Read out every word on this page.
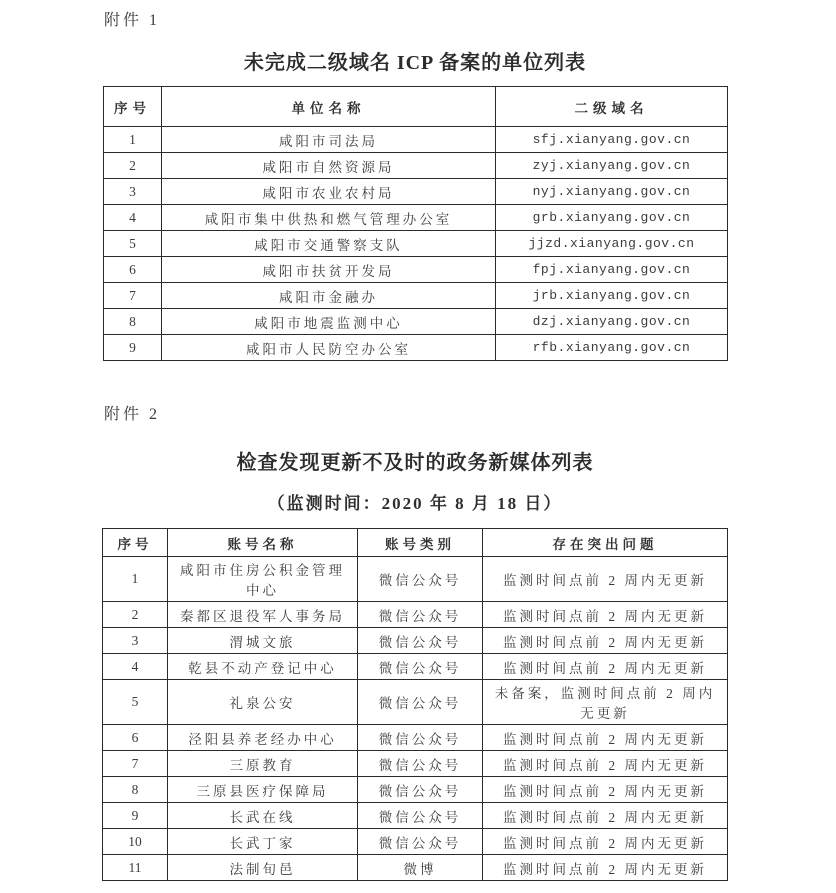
附件 1
未完成二级域名 ICP 备案的单位列表
序号	单位名称	二级域名
1	咸阳市司法局	sfj.xianyang.gov.cn
2	咸阳市自然资源局	zyj.xianyang.gov.cn
3	咸阳市农业农村局	nyj.xianyang.gov.cn
4	咸阳市集中供热和燃气管理办公室	grb.xianyang.gov.cn
5	咸阳市交通警察支队	jjzd.xianyang.gov.cn
6	咸阳市扶贫开发局	fpj.xianyang.gov.cn
7	咸阳市金融办	jrb.xianyang.gov.cn
8	咸阳市地震监测中心	dzj.xianyang.gov.cn
9	咸阳市人民防空办公室	rfb.xianyang.gov.cn
附件 2
检查发现更新不及时的政务新媒体列表
（监测时间：2020 年 8 月 18 日）
序号	账号名称	账号类别	存在突出问题
1	咸阳市住房公积金管理中心	微信公众号	监测时间点前 2 周内无更新
2	秦都区退役军人事务局	微信公众号	监测时间点前 2 周内无更新
3	渭城文旅	微信公众号	监测时间点前 2 周内无更新
4	乾县不动产登记中心	微信公众号	监测时间点前 2 周内无更新
5	礼泉公安	微信公众号	未备案，监测时间点前 2 周内无更新
6	泾阳县养老经办中心	微信公众号	监测时间点前 2 周内无更新
7	三原教育	微信公众号	监测时间点前 2 周内无更新
8	三原县医疗保障局	微信公众号	监测时间点前 2 周内无更新
9	长武在线	微信公众号	监测时间点前 2 周内无更新
10	长武丁家	微信公众号	监测时间点前 2 周内无更新
11	法制旬邑	微博	监测时间点前 2 周内无更新
